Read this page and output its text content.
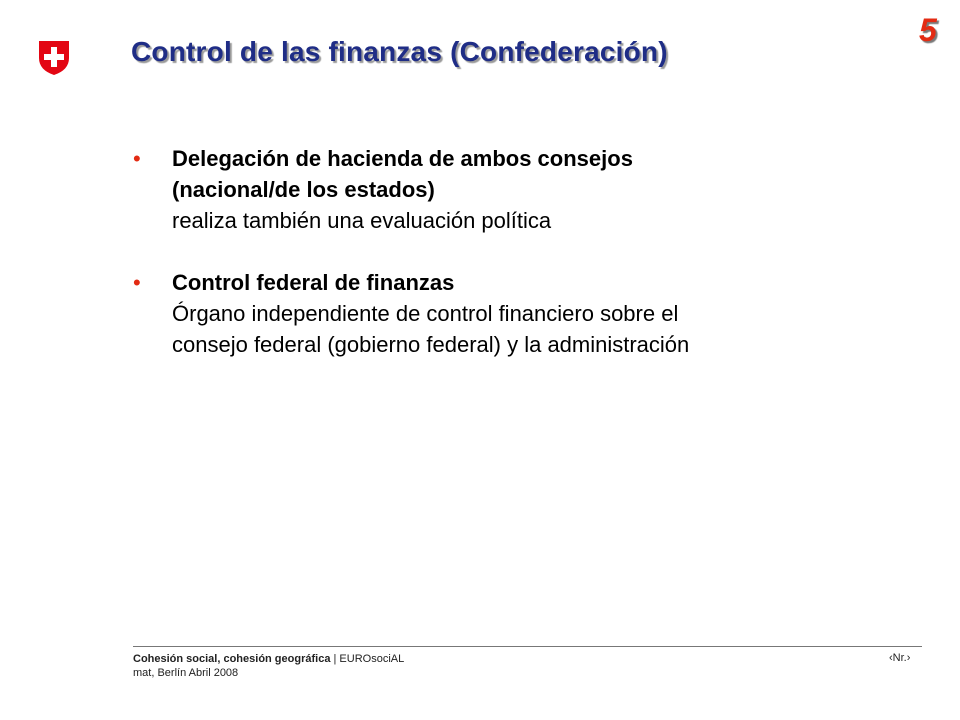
Control de las finanzas (Confederación)
5
• Delegación de hacienda de ambos consejos
(nacional/de los estados)
realiza también una evaluación política
• Control federal de finanzas
Órgano independiente de control financiero sobre el
consejo federal (gobierno federal) y la administración
Cohesión social, cohesión geográfica | EUROsociAL
mat, Berlín Abril 2008
‹Nr.›
